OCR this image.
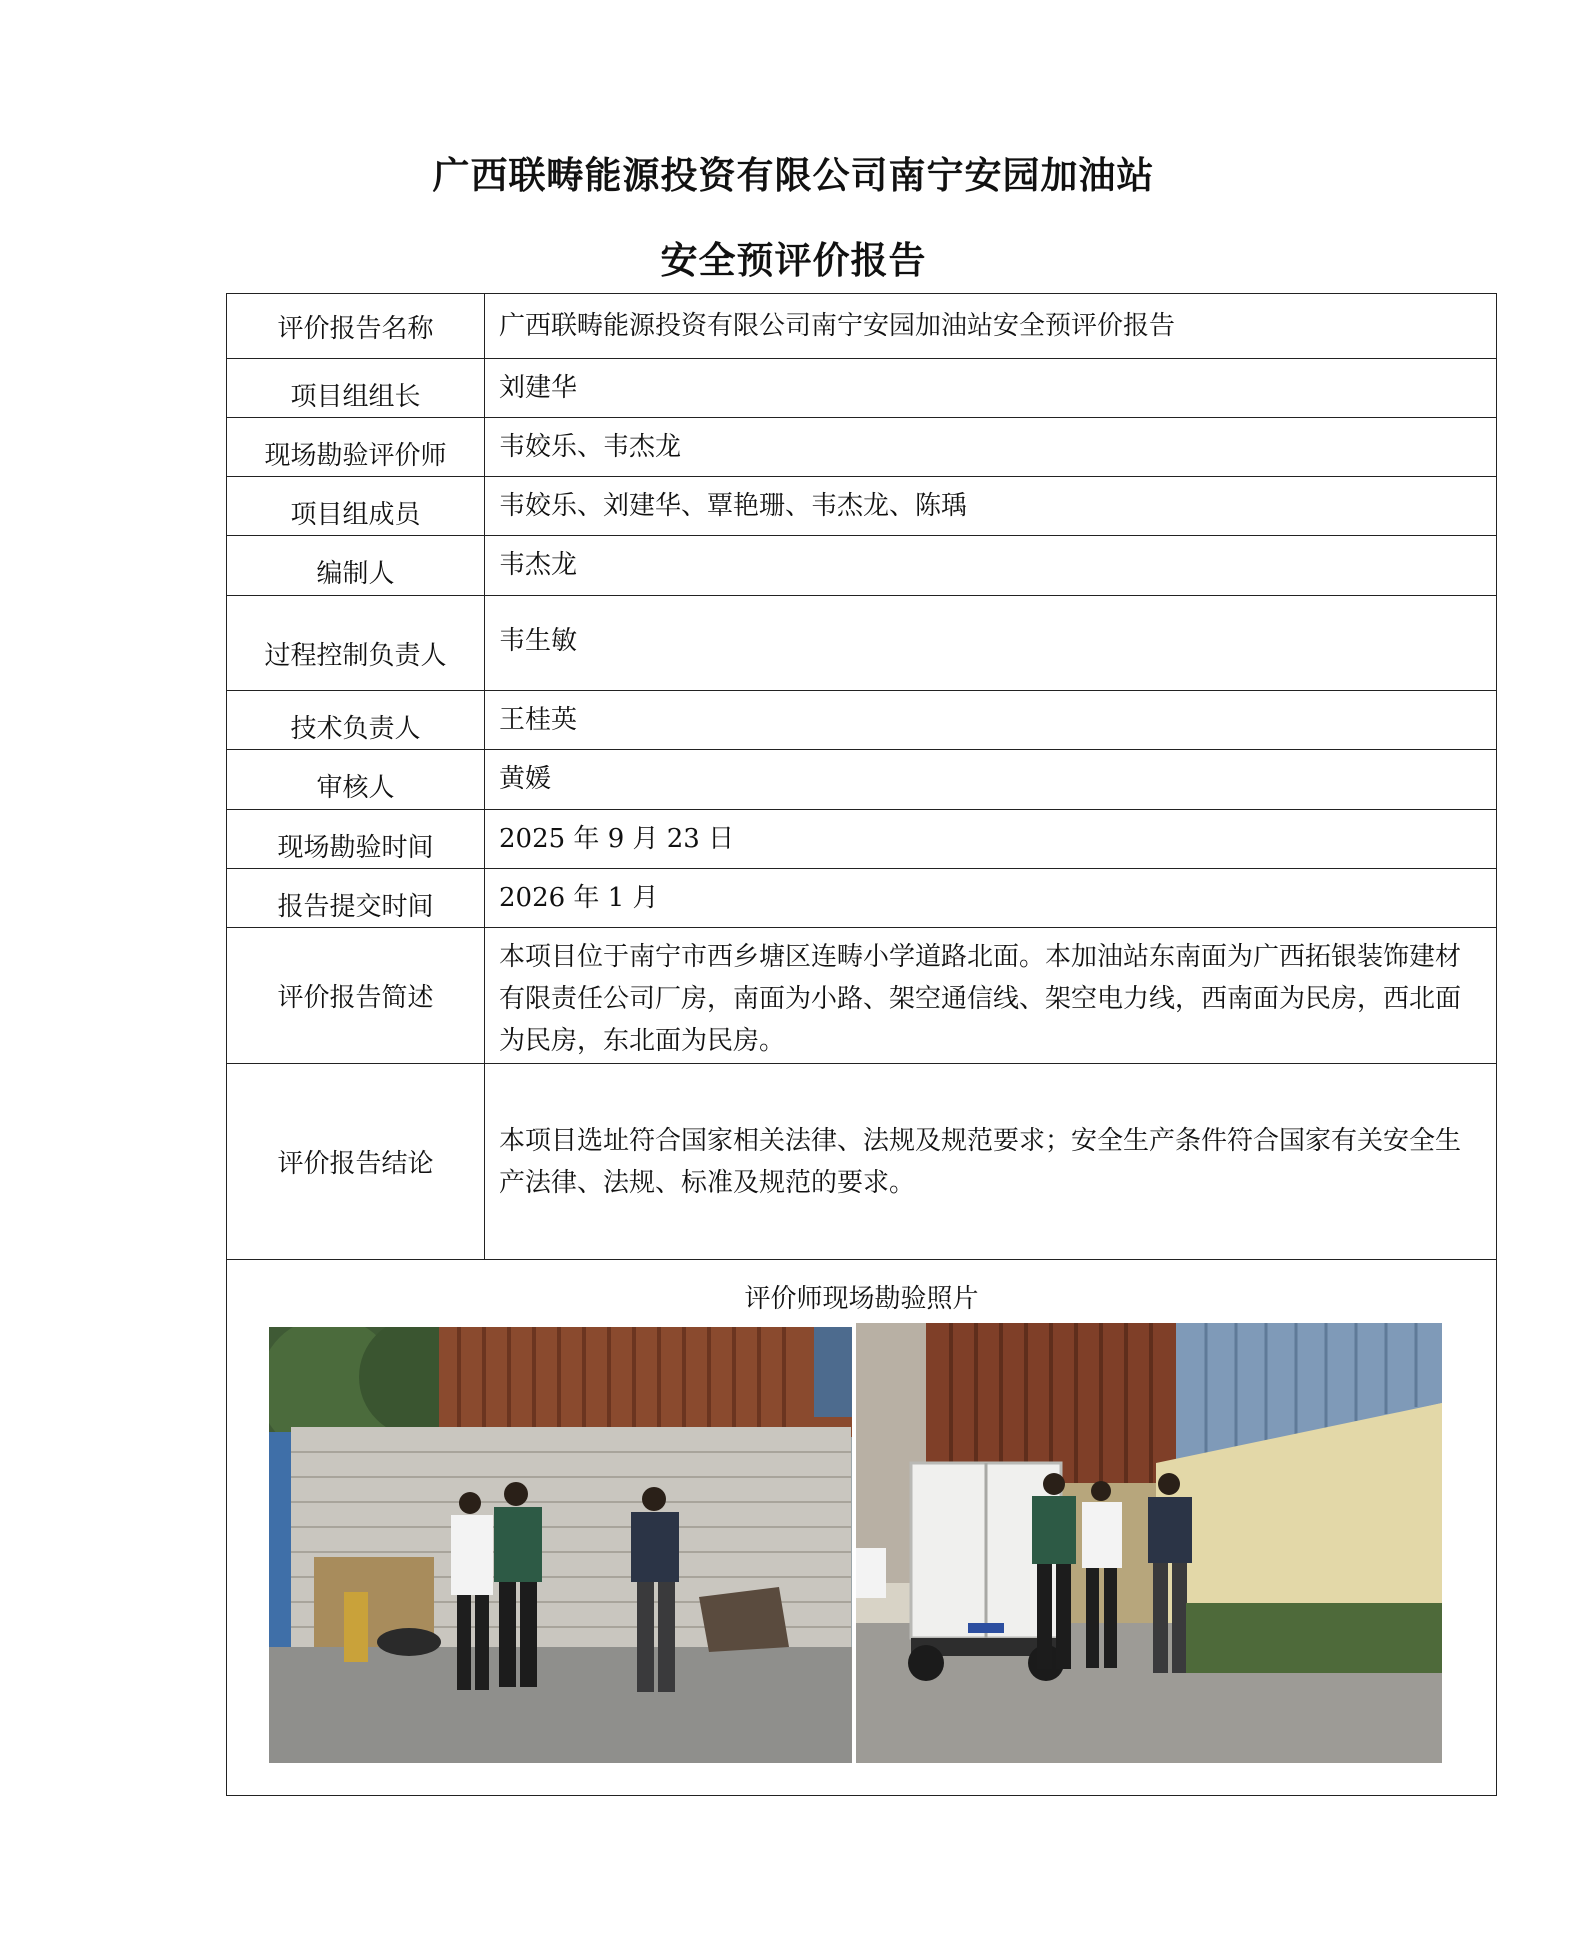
广西联畴能源投资有限公司南宁安园加油站
安全预评价报告
评价报告名称	广西联畴能源投资有限公司南宁安园加油站安全预评价报告
项目组组长	刘建华
现场勘验评价师	韦姣乐、韦杰龙
项目组成员	韦姣乐、刘建华、覃艳珊、韦杰龙、陈瑀
编制人	韦杰龙
过程控制负责人	韦生敏
技术负责人	王桂英
审核人	黄媛
现场勘验时间	2025 年 9 月 23 日
报告提交时间	2026 年 1 月
评价报告简述	本项目位于南宁市西乡塘区连畴小学道路北面。本加油站东南面为广西拓银装饰建材有限责任公司厂房，南面为小路、架空通信线、架空电力线，西南面为民房，西北面为民房，东北面为民房。
评价报告结论	本项目选址符合国家相关法律、法规及规范要求；安全生产条件符合国家有关安全生产法律、法规、标准及规范的要求。

评价师现场勘验照片	
